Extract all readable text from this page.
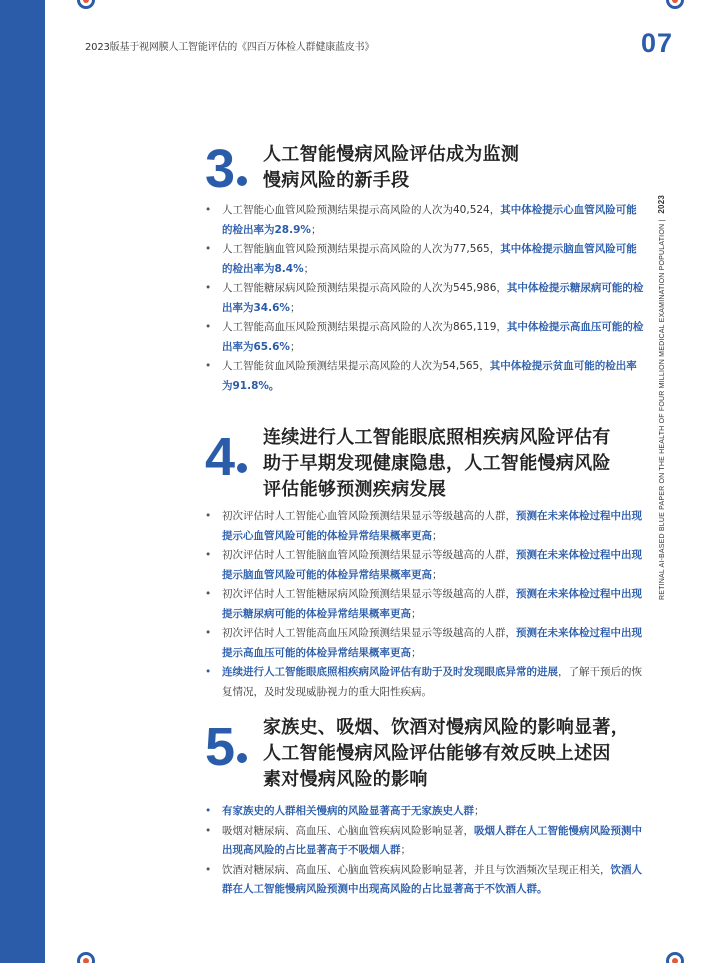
2023版基于视网膜人工智能评估的《四百万体检人群健康蓝皮书》	07
RETINAL AI-BASED BLUE PAPER ON THE HEALTH OF FOUR MILLION MEDICAL EXAMINATION POPULATION |2023
3 人工智能慢病风险评估成为监测
慢病风险的新手段
• 人工智能心血管风险预测结果提示高风险的人次为40,524，其中体检提示心血管风险可能的检出率为28.9%；
• 人工智能脑血管风险预测结果提示高风险的人次为77,565，其中体检提示脑血管风险可能的检出率为8.4%；
• 人工智能糖尿病风险预测结果提示高风险的人次为545,986，其中体检提示糖尿病可能的检出率为34.6%；
• 人工智能高血压风险预测结果提示高风险的人次为865,119，其中体检提示高血压可能的检出率为65.6%；
• 人工智能贫血风险预测结果提示高风险的人次为54,565，其中体检提示贫血可能的检出率为91.8%。
4 连续进行人工智能眼底照相疾病风险评估有
助于早期发现健康隐患，人工智能慢病风险
评估能够预测疾病发展
• 初次评估时人工智能心血管风险预测结果显示等级越高的人群，预测在未来体检过程中出现提示心血管风险可能的体检异常结果概率更高；
• 初次评估时人工智能脑血管风险预测结果显示等级越高的人群，预测在未来体检过程中出现提示脑血管风险可能的体检异常结果概率更高；
• 初次评估时人工智能糖尿病风险预测结果显示等级越高的人群，预测在未来体检过程中出现提示糖尿病可能的体检异常结果概率更高；
• 初次评估时人工智能高血压风险预测结果显示等级越高的人群，预测在未来体检过程中出现提示高血压可能的体检异常结果概率更高；
• 连续进行人工智能眼底照相疾病风险评估有助于及时发现眼底异常的进展，了解干预后的恢复情况，及时发现威胁视力的重大阳性疾病。
5 家族史、吸烟、饮酒对慢病风险的影响显著，
人工智能慢病风险评估能够有效反映上述因
素对慢病风险的影响
• 有家族史的人群相关慢病的风险显著高于无家族史人群；
• 吸烟对糖尿病、高血压、心脑血管疾病风险影响显著，吸烟人群在人工智能慢病风险预测中出现高风险的占比显著高于不吸烟人群；
• 饮酒对糖尿病、高血压、心脑血管疾病风险影响显著，并且与饮酒频次呈现正相关，饮酒人群在人工智能慢病风险预测中出现高风险的占比显著高于不饮酒人群。
